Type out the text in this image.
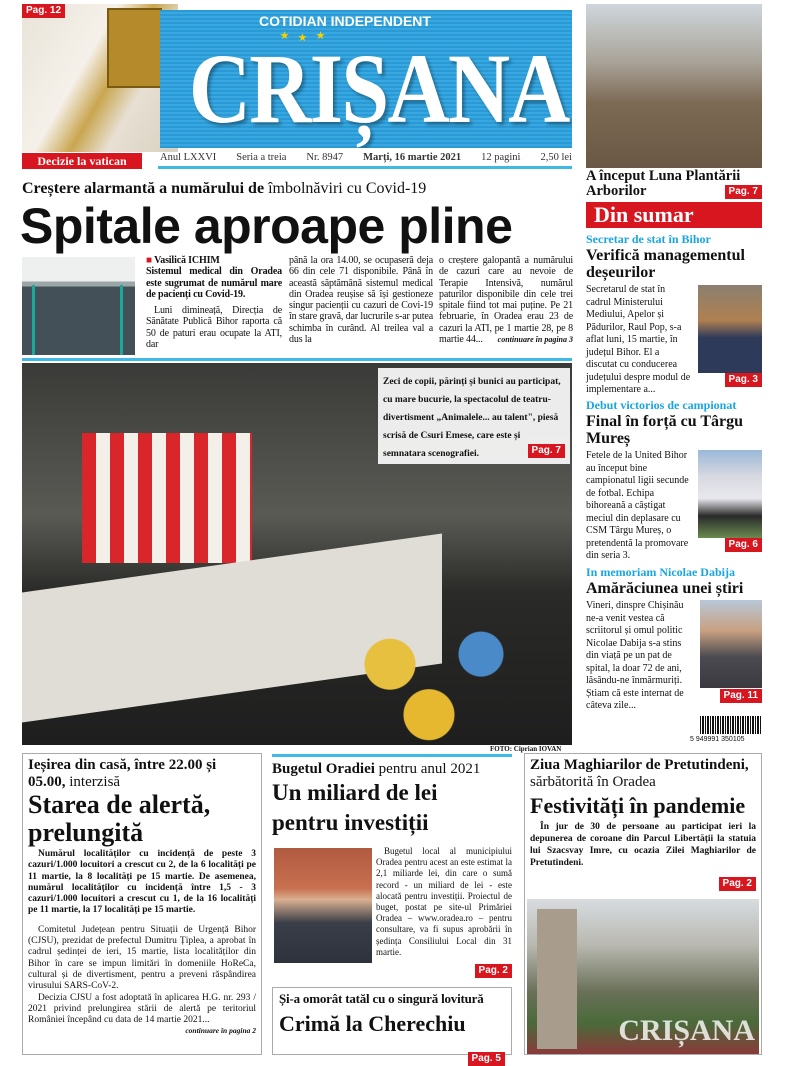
Pag. 12
Decizie la vatican
COTIDIAN INDEPENDENT
CRIȘANA
Anul LXXVI Seria a treia Nr. 8947 Marți, 16 martie 2021 12 pagini 2,50 lei
A început Luna Plantării Arborilor	Pag. 7
Din sumar
Creștere alarmantă a numărului de îmbolnăviri cu Covid-19
Spitale aproape pline
■ Vasilică ICHIM
Sistemul medical din Oradea este sugrumat de numărul mare de pacienți cu Covid-19.
Luni dimineață, Direcția de Sănătate Publică Bihor raporta că 50 de paturi erau ocupate la ATI, dar
până la ora 14.00, se ocupaseră deja 66 din cele 71 disponibile. Până în această săptămână sistemul medical din Oradea reușise să își gestioneze singur pacienții cu cazuri de Covi-19 în stare gravă, dar lucrurile s-ar putea schimba în curând. Al treilea val a dus la
o creștere galopantă a numărului de cazuri care au nevoie de Terapie Intensivă, numărul paturilor disponibile din cele trei spitale fiind tot mai puține. Pe 21 februarie, în Oradea erau 23 de cazuri la ATI, pe 1 martie 28, pe 8 martie 44... continuare în pagina 3
Zeci de copii, părinți și bunici au participat, cu mare bucurie, la spectacolul de teatru-divertisment „Animalele... au talent", piesă scrisă de Csuri Emese, care este și semnatara scenografiei.	Pag. 7
FOTO: Ciprian IOVAN
Secretar de stat în Bihor
Verifică managementul deșeurilor
Secretarul de stat în cadrul Ministerului Mediului, Apelor și Pădurilor, Raul Pop, s-a aflat luni, 15 martie, în județul Bihor. El a discutat cu conducerea județului despre modul de implementare a...
Pag. 3
Debut victorios de campionat
Final în forță cu Târgu Mureș
Fetele de la United Bihor au început bine campionatul ligii secunde de fotbal. Echipa bihoreană a câștigat meciul din deplasare cu CSM Târgu Mureș, o pretendentă la promovare din seria 3.
Pag. 6
In memoriam Nicolae Dabija
Amărăciunea unei știri
Vineri, dinspre Chișinău ne-a venit vestea că scriitorul și omul politic Nicolae Dabija s-a stins din viață pe un pat de spital, la doar 72 de ani, lăsându-ne înmărmuriți. Știam că este internat de câteva zile...
Pag. 11
5 949991 350105
Ieșirea din casă, între 22.00 și 05.00, interzisă
Starea de alertă, prelungită
Numărul localităților cu incidență de peste 3 cazuri/1.000 locuitori a crescut cu 2, de la 6 localități pe 11 martie, la 8 localități pe 15 martie. De asemenea, numărul localităților cu incidență între 1,5 - 3 cazuri/1.000 locuitori a crescut cu 1, de la 16 localități pe 11 martie, la 17 localități pe 15 martie.
Comitetul Județean pentru Situații de Urgență Bihor (CJSU), prezidat de prefectul Dumitru Țiplea, a aprobat în cadrul ședinței de ieri, 15 martie, lista localităților din Bihor în care se impun limitări în domeniile HoReCa, cultural și de divertisment, pentru a preveni răspândirea virusului SARS-CoV-2.
Decizia CJSU a fost adoptată în aplicarea H.G. nr. 293 / 2021 privind prelungirea stării de alertă pe teritoriul României începând cu data de 14 martie 2021...
continuare în pagina 2
Bugetul Oradiei pentru anul 2021
Un miliard de lei pentru investiții
Bugetul local al municipiului Oradea pentru acest an este estimat la 2,1 miliarde lei, din care o sumă record - un miliard de lei - este alocată pentru investiții. Proiectul de buget, postat pe site-ul Primăriei Oradea – www.oradea.ro – pentru consultare, va fi supus aprobării în ședința Consiliului Local din 31 martie.
Pag. 2
Și-a omorât tatăl cu o singură lovitură
Crimă la Cherechiu
Pag. 5
Ziua Maghiarilor de Pretutindeni,
sărbătorită în Oradea
Festivități în pandemie
În jur de 30 de persoane au participat ieri la depunerea de coroane din Parcul Libertății la statuia lui Szacsvay Imre, cu ocazia Zilei Maghiarilor de Pretutindeni.
Pag. 2
CRIȘANA
